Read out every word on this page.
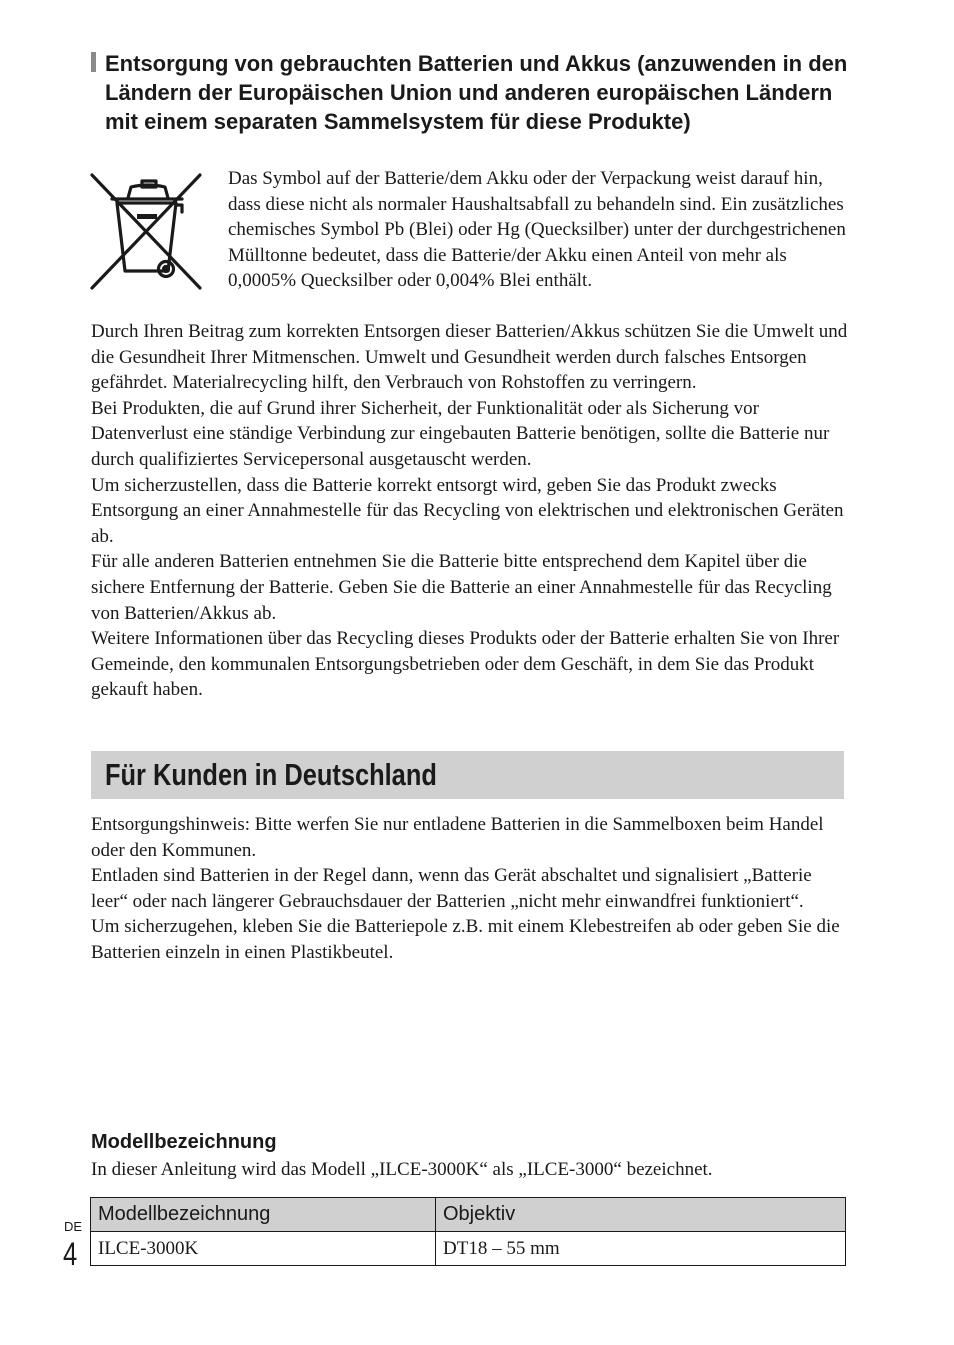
Entsorgung von gebrauchten Batterien und Akkus (anzuwenden in den Ländern der Europäischen Union und anderen europäischen Ländern mit einem separaten Sammelsystem für diese Produkte)

Das Symbol auf der Batterie/dem Akku oder der Verpackung weist darauf hin, dass diese nicht als normaler Haushaltsabfall zu behandeln sind. Ein zusätzliches chemisches Symbol Pb (Blei) oder Hg (Quecksilber) unter der durchgestrichenen Mülltonne bedeutet, dass die Batterie/der Akku einen Anteil von mehr als 0,0005% Quecksilber oder 0,004% Blei enthält.

Durch Ihren Beitrag zum korrekten Entsorgen dieser Batterien/Akkus schützen Sie die Umwelt und die Gesundheit Ihrer Mitmenschen. Umwelt und Gesundheit werden durch falsches Entsorgen gefährdet. Materialrecycling hilft, den Verbrauch von Rohstoffen zu verringern.

Bei Produkten, die auf Grund ihrer Sicherheit, der Funktionalität oder als Sicherung vor Datenverlust eine ständige Verbindung zur eingebauten Batterie benötigen, sollte die Batterie nur durch qualifiziertes Servicepersonal ausgetauscht werden.

Um sicherzustellen, dass die Batterie korrekt entsorgt wird, geben Sie das Produkt zwecks Entsorgung an einer Annahmestelle für das Recycling von elektrischen und elektronischen Geräten ab.

Für alle anderen Batterien entnehmen Sie die Batterie bitte entsprechend dem Kapitel über die sichere Entfernung der Batterie. Geben Sie die Batterie an einer Annahmestelle für das Recycling von Batterien/Akkus ab.

Weitere Informationen über das Recycling dieses Produkts oder der Batterie erhalten Sie von Ihrer Gemeinde, den kommunalen Entsorgungsbetrieben oder dem Geschäft, in dem Sie das Produkt gekauft haben.

Für Kunden in Deutschland

Entsorgungshinweis: Bitte werfen Sie nur entladene Batterien in die Sammelboxen beim Handel oder den Kommunen.

Entladen sind Batterien in der Regel dann, wenn das Gerät abschaltet und signalisiert „Batterie leer“ oder nach längerer Gebrauchsdauer der Batterien „nicht mehr einwandfrei funktioniert“.

Um sicherzugehen, kleben Sie die Batteriepole z.B. mit einem Klebestreifen ab oder geben Sie die Batterien einzeln in einen Plastikbeutel.

Modellbezeichnung

In dieser Anleitung wird das Modell „ILCE-3000K“ als „ILCE-3000“ bezeichnet.

Modellbezeichnung	Objektiv
ILCE-3000K	DT18 – 55 mm
DE
4
